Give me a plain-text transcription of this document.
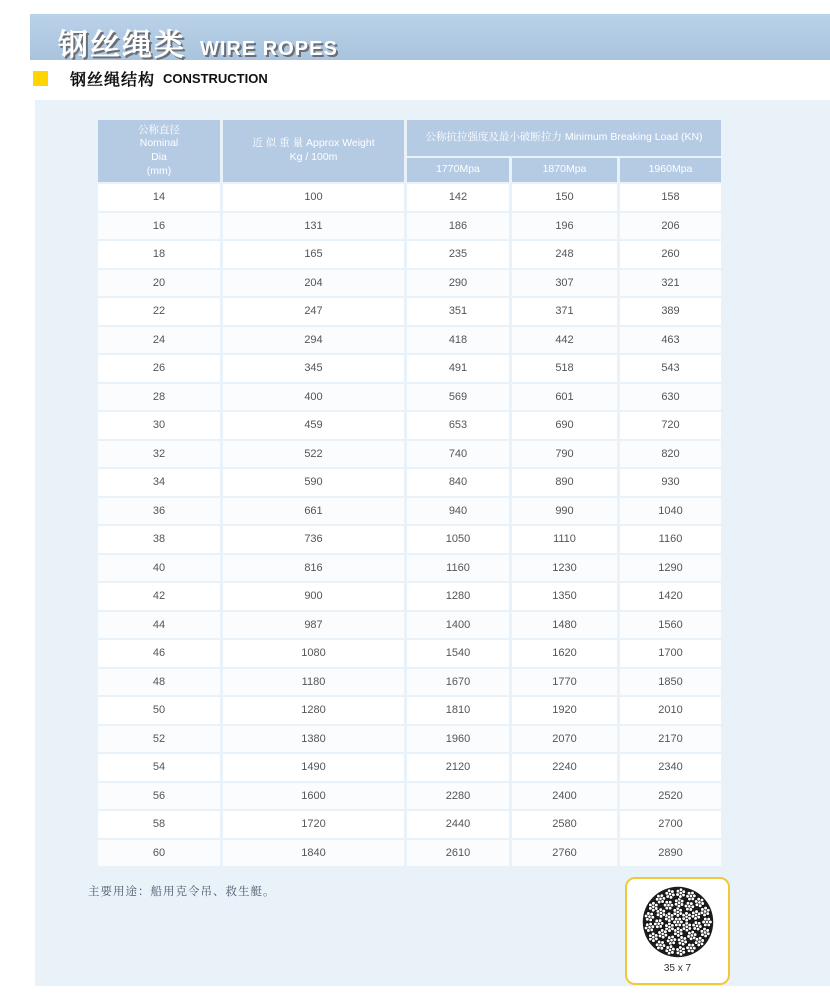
钢丝绳类 WIRE ROPES
钢丝绳结构 CONSTRUCTION
公称直径
Nominal
Dia
(mm)

近 似 重 量 Approx Weight
Kg / 100m
	公称抗拉强度及最小破断拉力 Minimum Breaking Load (KN)
		1770Mpa	1870Mpa	1960Mpa
14	100	142	150	158
16	131	186	196	206
18	165	235	248	260
20	204	290	307	321
22	247	351	371	389
24	294	418	442	463
26	345	491	518	543
28	400	569	601	630
30	459	653	690	720
32	522	740	790	820
34	590	840	890	930
36	661	940	990	1040
38	736	1050	1110	1160
40	816	1160	1230	1290
42	900	1280	1350	1420
44	987	1400	1480	1560
46	1080	1540	1620	1700
48	1180	1670	1770	1850
50	1280	1810	1920	2010
52	1380	1960	2070	2170
54	1490	2120	2240	2340
56	1600	2280	2400	2520
58	1720	2440	2580	2700
60	1840	2610	2760	2890
主要用途：船用克令吊、救生艇。
35 x 7
